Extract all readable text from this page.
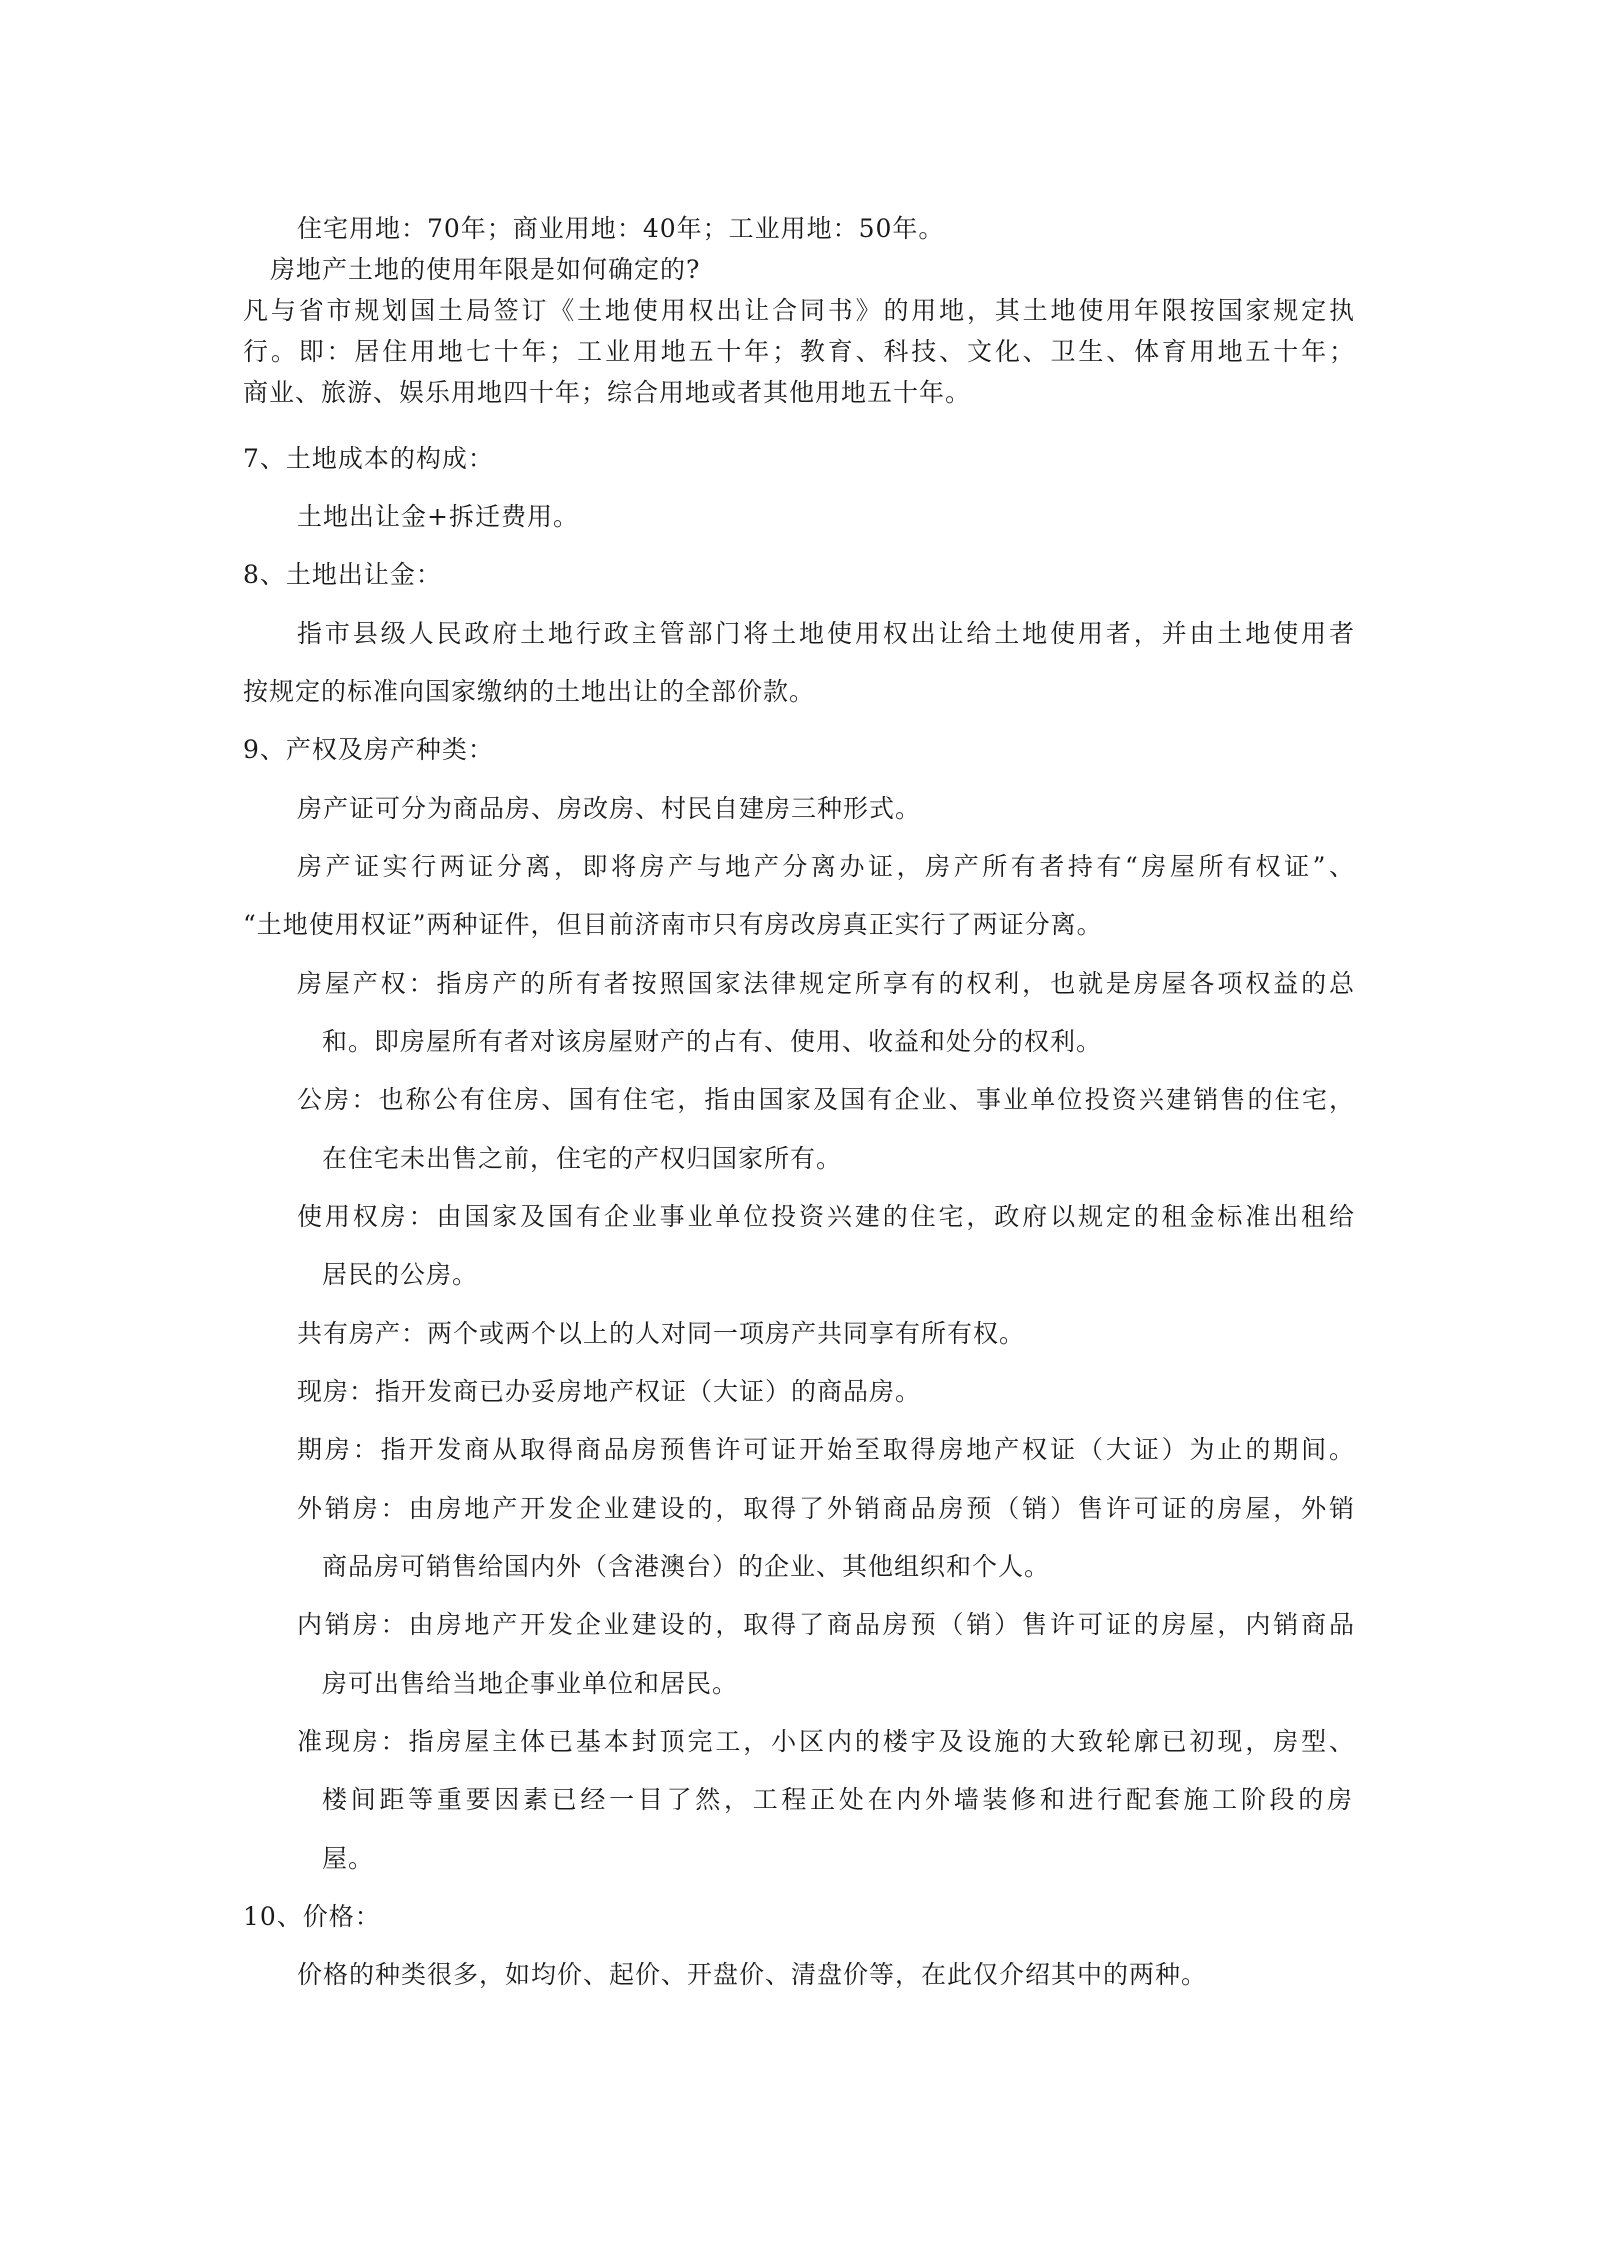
住宅用地：70年；商业用地：40年；工业用地：50年。
房地产土地的使用年限是如何确定的?
凡与省市规划国土局签订《土地使用权出让合同书》的用地，其土地使用年限按国家规定执
行。即：居住用地七十年；工业用地五十年；教育、科技、文化、卫生、体育用地五十年；
商业、旅游、娱乐用地四十年；综合用地或者其他用地五十年。
7、土地成本的构成：
土地出让金+拆迁费用。
8、土地出让金：
指市县级人民政府土地行政主管部门将土地使用权出让给土地使用者，并由土地使用者
按规定的标准向国家缴纳的土地出让的全部价款。
9、产权及房产种类：
房产证可分为商品房、房改房、村民自建房三种形式。
房产证实行两证分离，即将房产与地产分离办证，房产所有者持有“房屋所有权证”、
“土地使用权证”两种证件，但目前济南市只有房改房真正实行了两证分离。
房屋产权：指房产的所有者按照国家法律规定所享有的权利，也就是房屋各项权益的总
和。即房屋所有者对该房屋财产的占有、使用、收益和处分的权利。
公房：也称公有住房、国有住宅，指由国家及国有企业、事业单位投资兴建销售的住宅，
在住宅未出售之前，住宅的产权归国家所有。
使用权房：由国家及国有企业事业单位投资兴建的住宅，政府以规定的租金标准出租给
居民的公房。
共有房产：两个或两个以上的人对同一项房产共同享有所有权。
现房：指开发商已办妥房地产权证（大证）的商品房。
期房：指开发商从取得商品房预售许可证开始至取得房地产权证（大证）为止的期间。
外销房：由房地产开发企业建设的，取得了外销商品房预（销）售许可证的房屋，外销
商品房可销售给国内外（含港澳台）的企业、其他组织和个人。
内销房：由房地产开发企业建设的，取得了商品房预（销）售许可证的房屋，内销商品
房可出售给当地企事业单位和居民。
准现房：指房屋主体已基本封顶完工，小区内的楼宇及设施的大致轮廓已初现，房型、
楼间距等重要因素已经一目了然，工程正处在内外墙装修和进行配套施工阶段的房
屋。
10、价格：
价格的种类很多，如均价、起价、开盘价、清盘价等，在此仅介绍其中的两种。
